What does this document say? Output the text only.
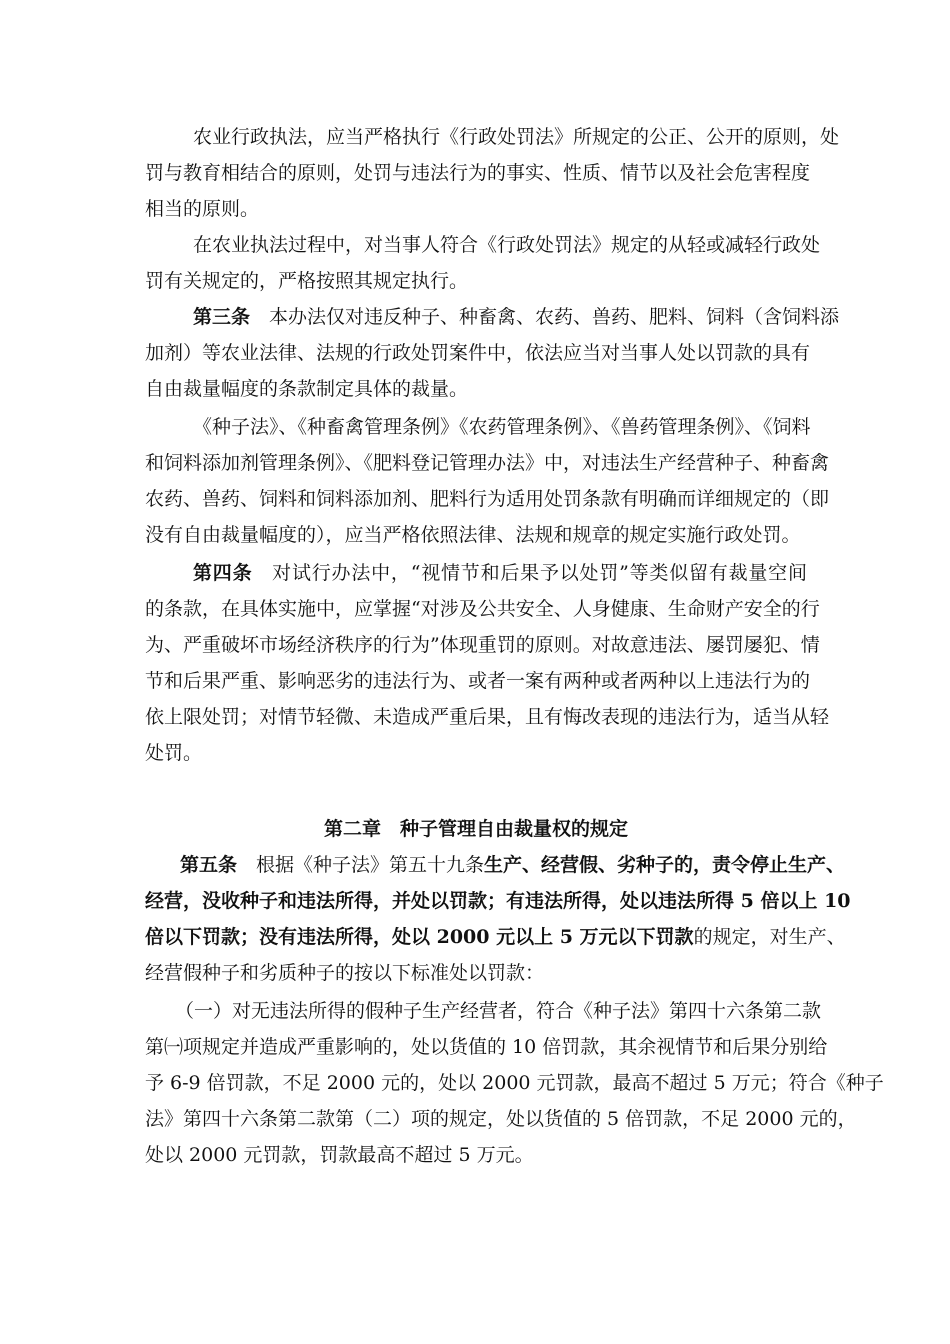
农业行政执法，应当严格执行《行政处罚法》所规定的公正、公开的原则，处
罚与教育相结合的原则，处罚与违法行为的事实、性质、情节以及社会危害程度
相当的原则。
在农业执法过程中，对当事人符合《行政处罚法》规定的从轻或减轻行政处
罚有关规定的，严格按照其规定执行。
第三条　 本办法仅对违反种子、种畜禽、农药、兽药、肥料、饲料（含饲料添
加剂）等农业法律、法规的行政处罚案件中，依法应当对当事人处以罚款的具有
自由裁量幅度的条款制定具体的裁量。
《种子法》、《种畜禽管理条例》《农药管理条例》、《兽药管理条例》、《饲料
和饲料添加剂管理条例》、《肥料登记管理办法》中，对违法生产经营种子、种畜禽
农药、兽药、饲料和饲料添加剂、肥料行为适用处罚条款有明确而详细规定的（即
没有自由裁量幅度的），应当严格依照法律、法规和规章的规定实施行政处罚。
第四条　 对试行办法中，“视情节和后果予以处罚”等类似留有裁量空间
的条款，在具体实施中，应掌握“对涉及公共安全、人身健康、生命财产安全的行
为、严重破坏市场经济秩序的行为”体现重罚的原则。对故意违法、屡罚屡犯、情
节和后果严重、影响恶劣的违法行为、或者一案有两种或者两种以上违法行为的
依上限处罚；对情节轻微、未造成严重后果，且有悔改表现的违法行为，适当从轻
处罚。
第二章　种子管理自由裁量权的规定
第五条　 根据《种子法》第五十九条生产、经营假、劣种子的，责令停止生产、
经营，没收种子和违法所得，并处以罚款；有违法所得，处以违法所得 5 倍以上 10
倍以下罚款；没有违法所得，处以 2000 元以上 5 万元以下罚款的规定，对生产、
经营假种子和劣质种子的按以下标准处以罚款：
（一）对无违法所得的假种子生产经营者，符合《种子法》第四十六条第二款
第㈠项规定并造成严重影响的，处以货值的 10 倍罚款，其余视情节和后果分别给
予 6-9 倍罚款，不足 2000 元的，处以 2000 元罚款，最高不超过 5 万元；符合《种子
法》第四十六条第二款第（二）项的规定，处以货值的 5 倍罚款，不足 2000 元的，
处以 2000 元罚款，罚款最高不超过 5 万元。
